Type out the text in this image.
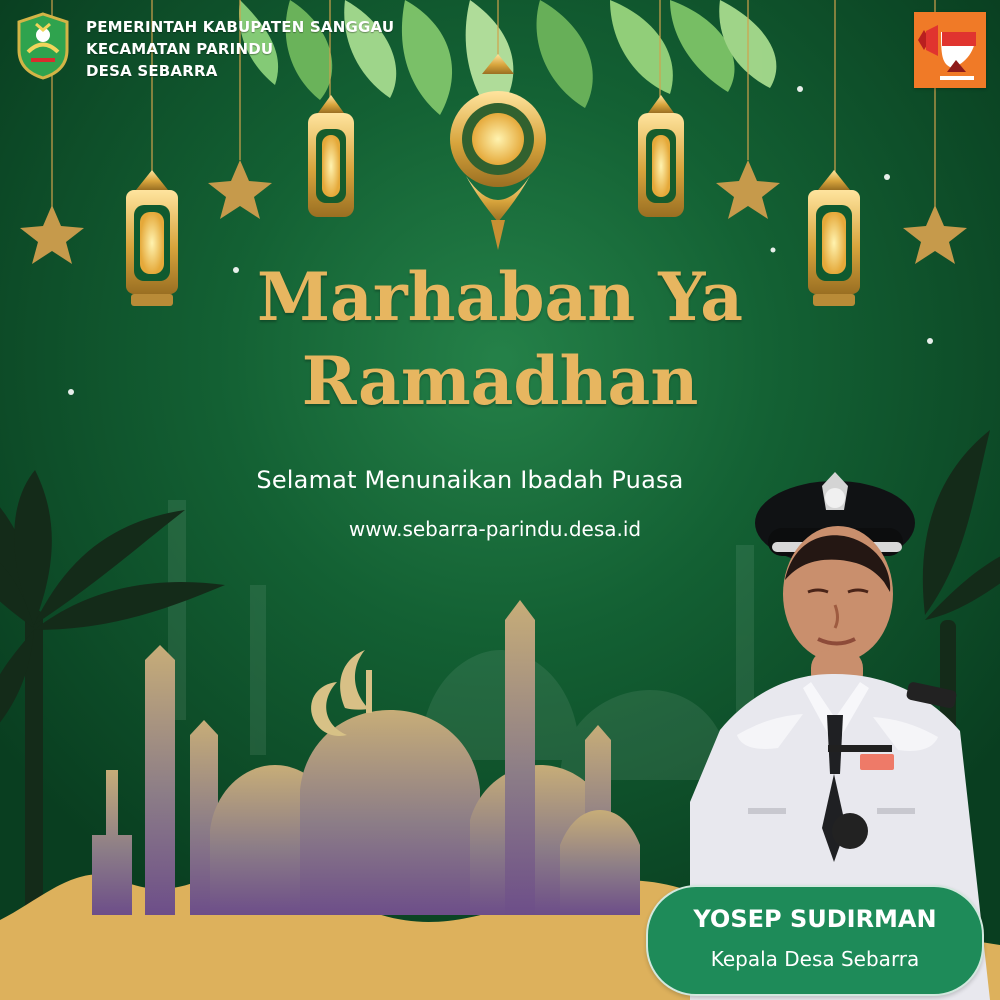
PEMERINTAH KABUPATEN SANGGAU
KECAMATAN PARINDU
DESA SEBARRA
Marhaban Ya
Ramadhan
Selamat Menunaikan Ibadah Puasa
www.sebarra-parindu.desa.id
YOSEP SUDIRMAN
Kepala Desa Sebarra
